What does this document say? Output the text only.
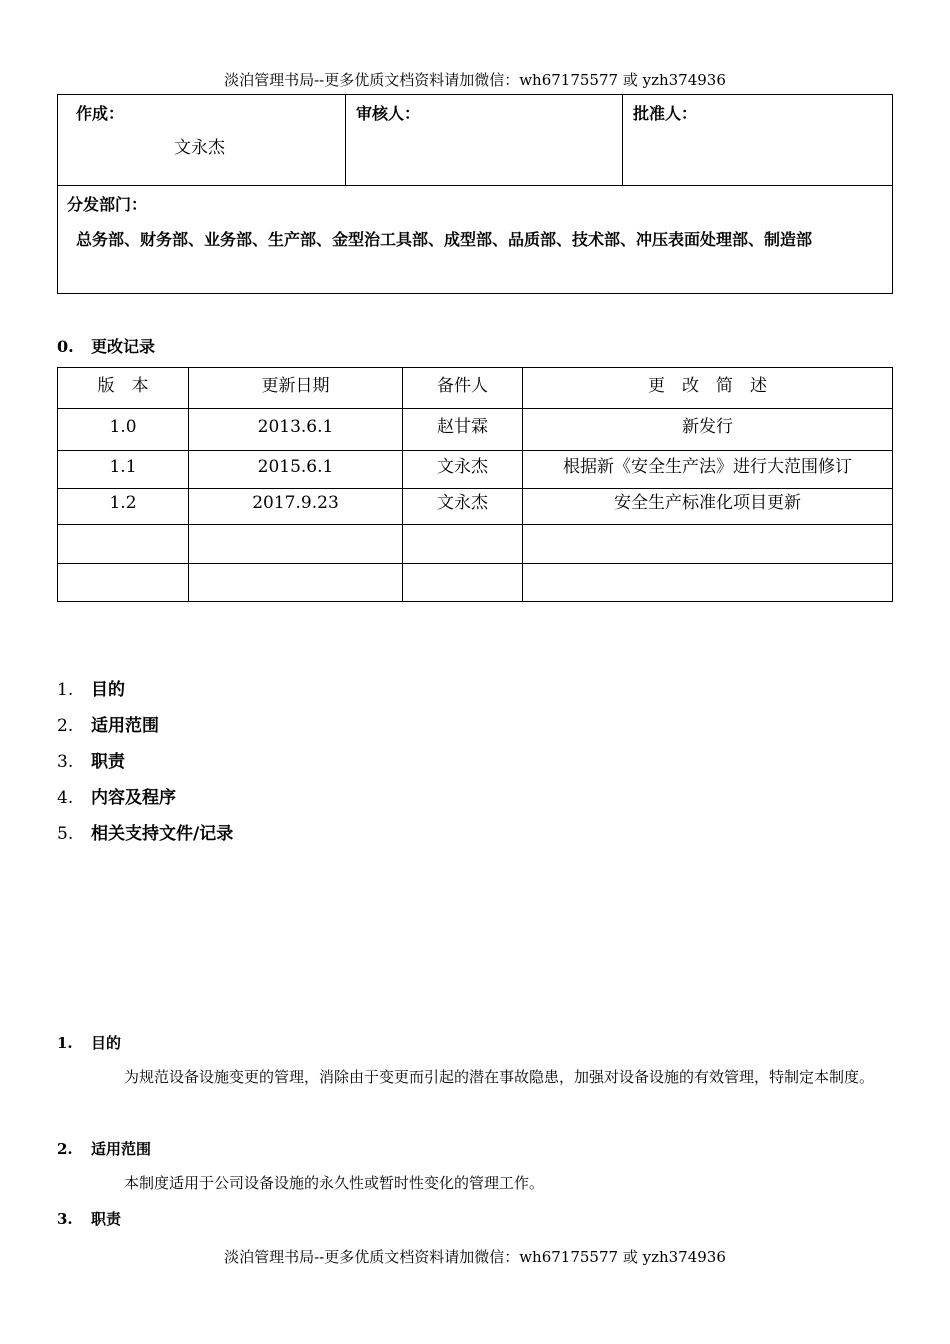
淡泊管理书局--更多优质文档资料请加微信：wh67175577 或 yzh374936
作成：
文永杰

审核人：	批准人：

分发部门：
总务部、财务部、业务部、生产部、金型治工具部、成型部、品质部、技术部、冲压表面处理部、制造部
0. 更改记录
版　本	更新日期	备件人	更　改　简　述
1.0	2013.6.1	赵甘霖	新发行
1.1	2015.6.1	文永杰	根据新《安全生产法》进行大范围修订
1.2	2017.9.23	文永杰	安全生产标准化项目更新

1. 目的
2. 适用范围
3. 职责
4. 内容及程序
5. 相关支持文件/记录
1. 目的
为规范设备设施变更的管理，消除由于变更而引起的潜在事故隐患，加强对设备设施的有效管理，特制定本制度。
2. 适用范围
本制度适用于公司设备设施的永久性或暂时性变化的管理工作。
3. 职责
淡泊管理书局--更多优质文档资料请加微信：wh67175577 或 yzh374936
